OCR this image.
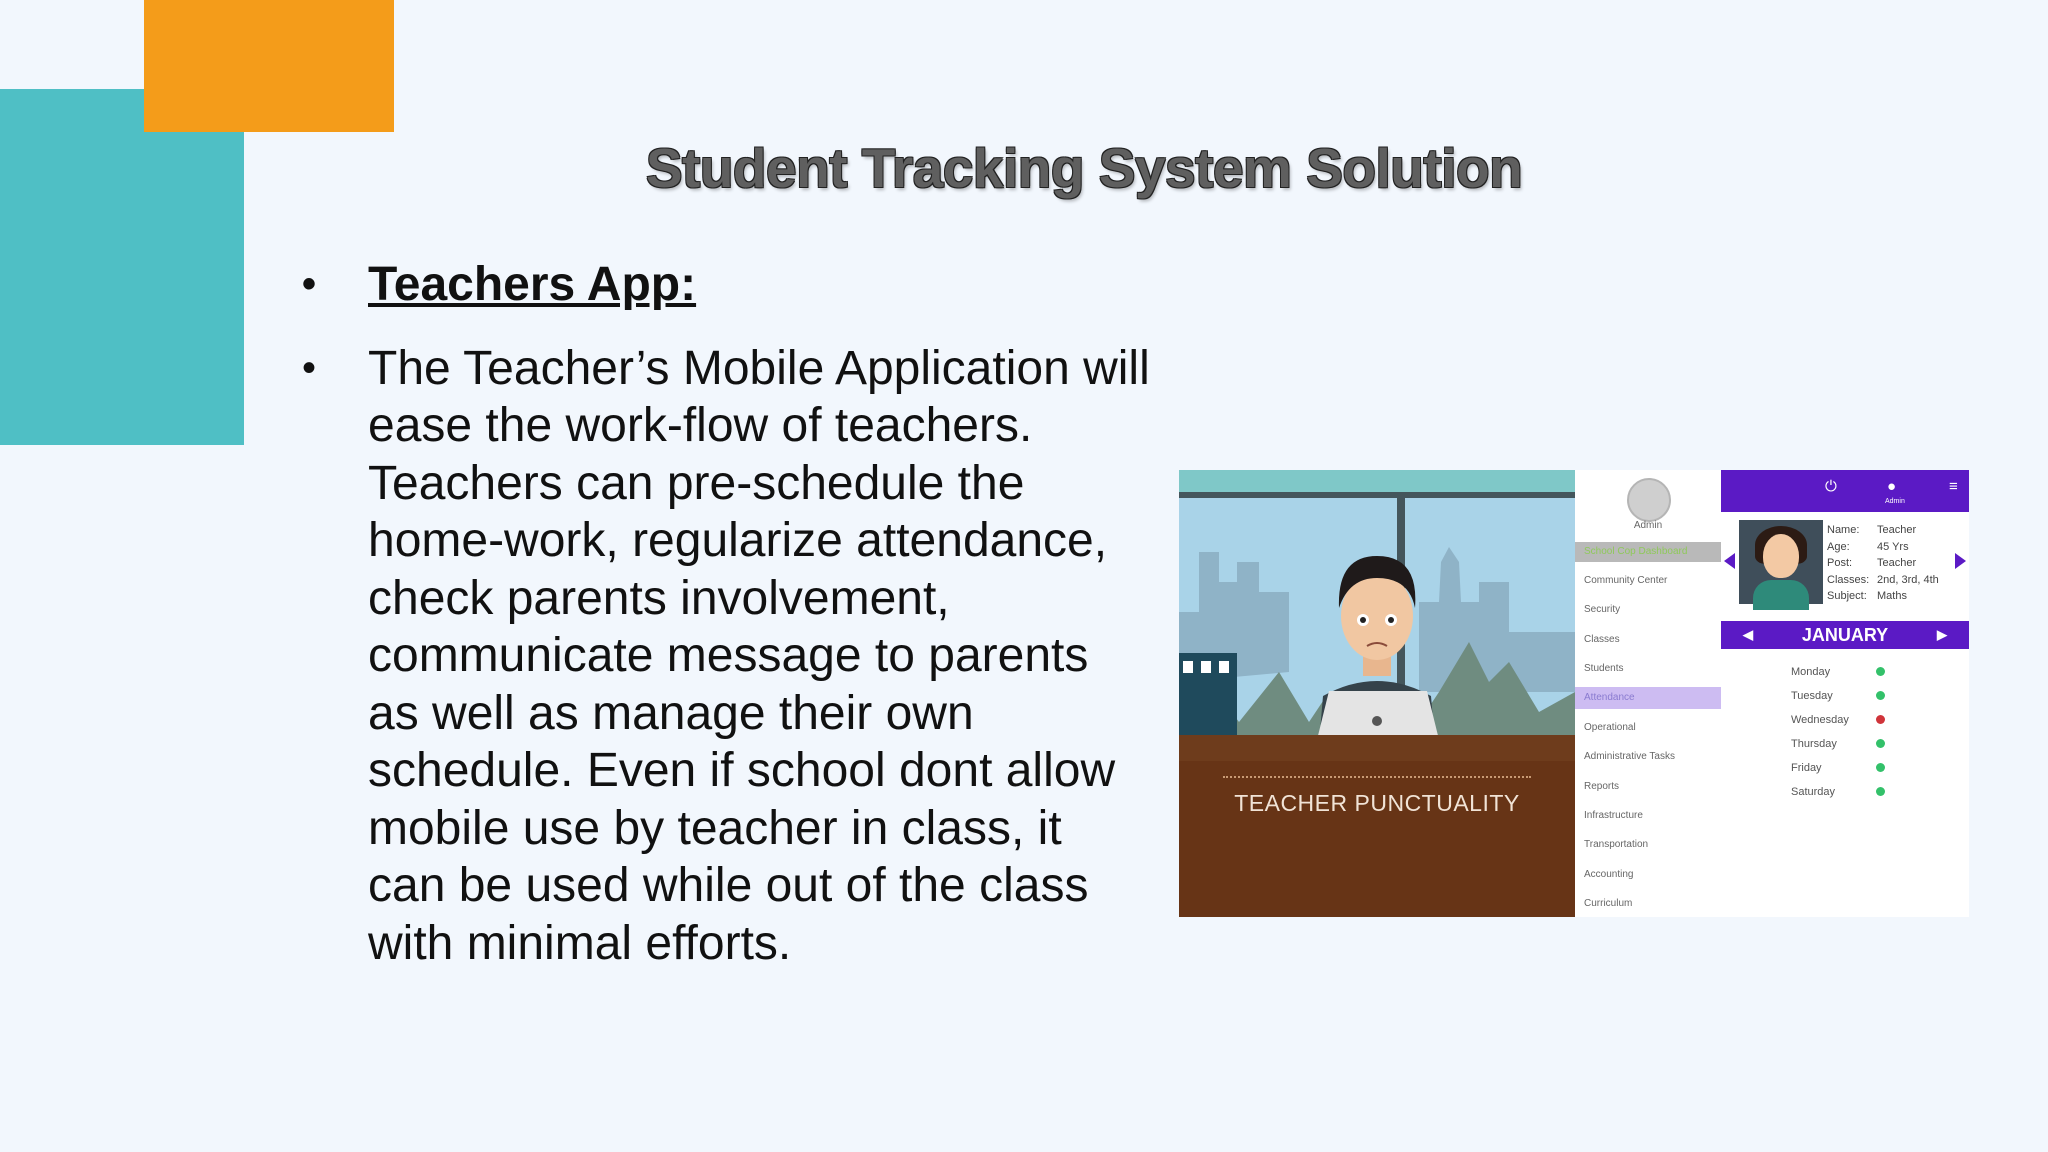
Student Tracking System Solution
• Teachers App:
• The Teacher’s Mobile Application will ease the work-flow of teachers. Teachers can pre-schedule the home-work, regularize attendance, check parents involvement, communicate message to parents as well as manage their own schedule. Even if school dont allow mobile use by teacher in class, it can be used while out of the class with minimal efforts.
TEACHER PUNCTUALITY
Admin
School Cop Dashboard
Community Center
Security
Classes
Students
Attendance
Operational
Administrative Tasks
Reports
Infrastructure
Transportation
Accounting
Curriculum
⏻	●
Admin
≡
Name: Teacher
Age: 45 Yrs
Post: Teacher
Classes: 2nd, 3rd, 4th
Subject: Maths
◀	JANUARY	▶
Monday
Tuesday
Wednesday
Thursday
Friday
Saturday
